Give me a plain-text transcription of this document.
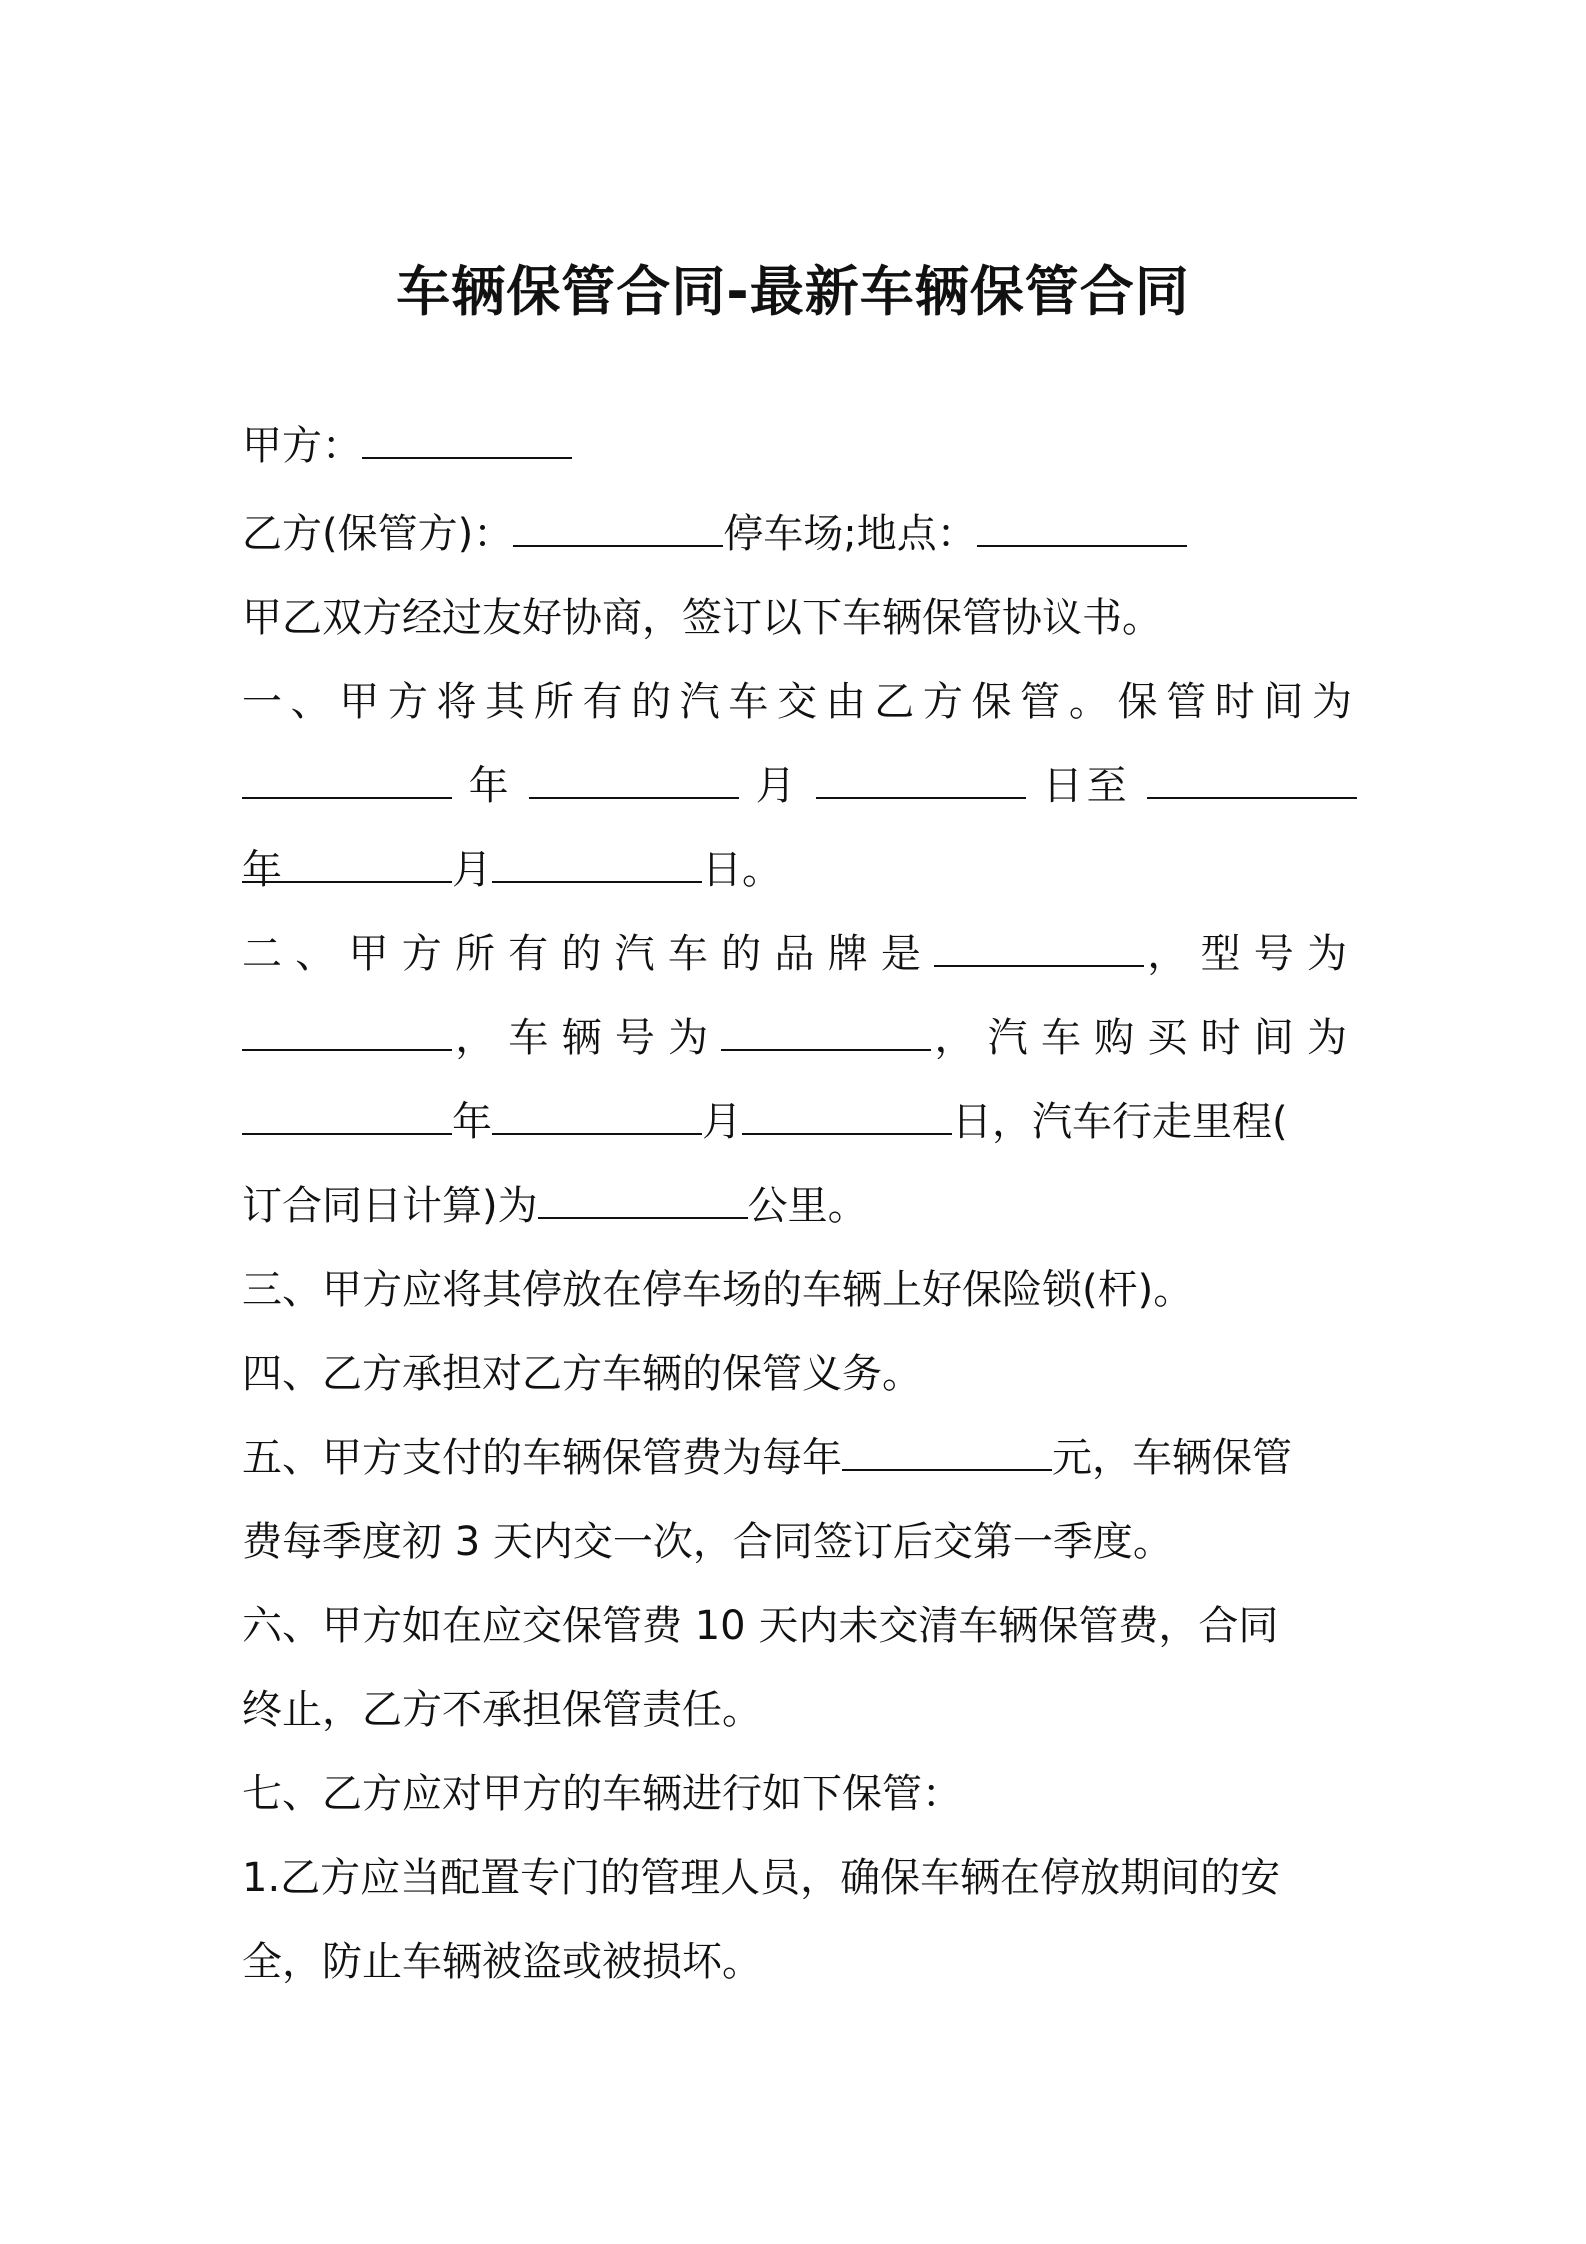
车辆保管合同-最新车辆保管合同
甲方：
乙方(保管方)：	停车场;地点：
甲乙双方经过友好协商，签订以下车辆保管协议书。
一、甲方将其所有的汽车交由乙方保管。保管时间为
年	月	日至  年	月	日。
二、甲方所有的汽车的品牌是	，型号为
，车辆号为	，汽车购买时间为
年	月	日，汽车行走里程(
订合同日计算)为	公里。
三、甲方应将其停放在停车场的车辆上好保险锁(杆)。
四、乙方承担对乙方车辆的保管义务。
五、甲方支付的车辆保管费为每年	元，车辆保管
费每季度初 3 天内交一次，合同签订后交第一季度。
六、甲方如在应交保管费 10 天内未交清车辆保管费，合同
终止，乙方不承担保管责任。
七、乙方应对甲方的车辆进行如下保管：
1.乙方应当配置专门的管理人员，确保车辆在停放期间的安
全，防止车辆被盗或被损坏。
